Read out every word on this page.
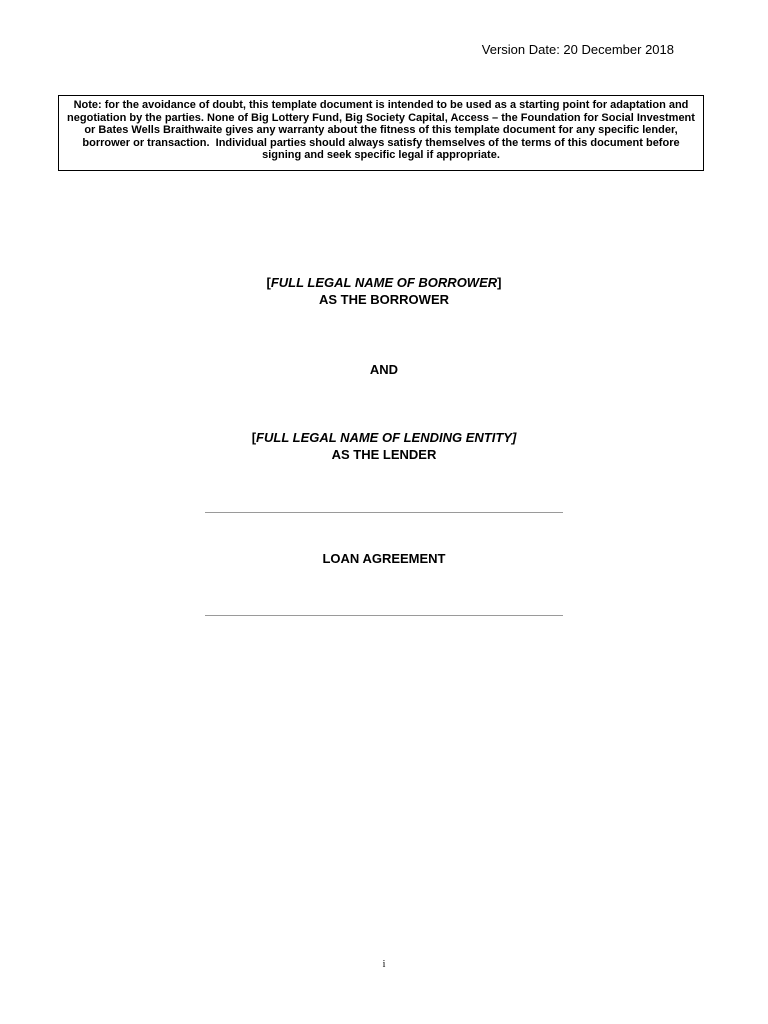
Version Date: 20 December 2018
Note: for the avoidance of doubt, this template document is intended to be used as a starting point for adaptation and negotiation by the parties. None of Big Lottery Fund, Big Society Capital, Access – the Foundation for Social Investment or Bates Wells Braithwaite gives any warranty about the fitness of this template document for any specific lender, borrower or transaction.  Individual parties should always satisfy themselves of the terms of this document before signing and seek specific legal if appropriate.
[FULL LEGAL NAME OF BORROWER]
AS THE BORROWER
AND
[FULL LEGAL NAME OF LENDING ENTITY]
AS THE LENDER
LOAN AGREEMENT
i
